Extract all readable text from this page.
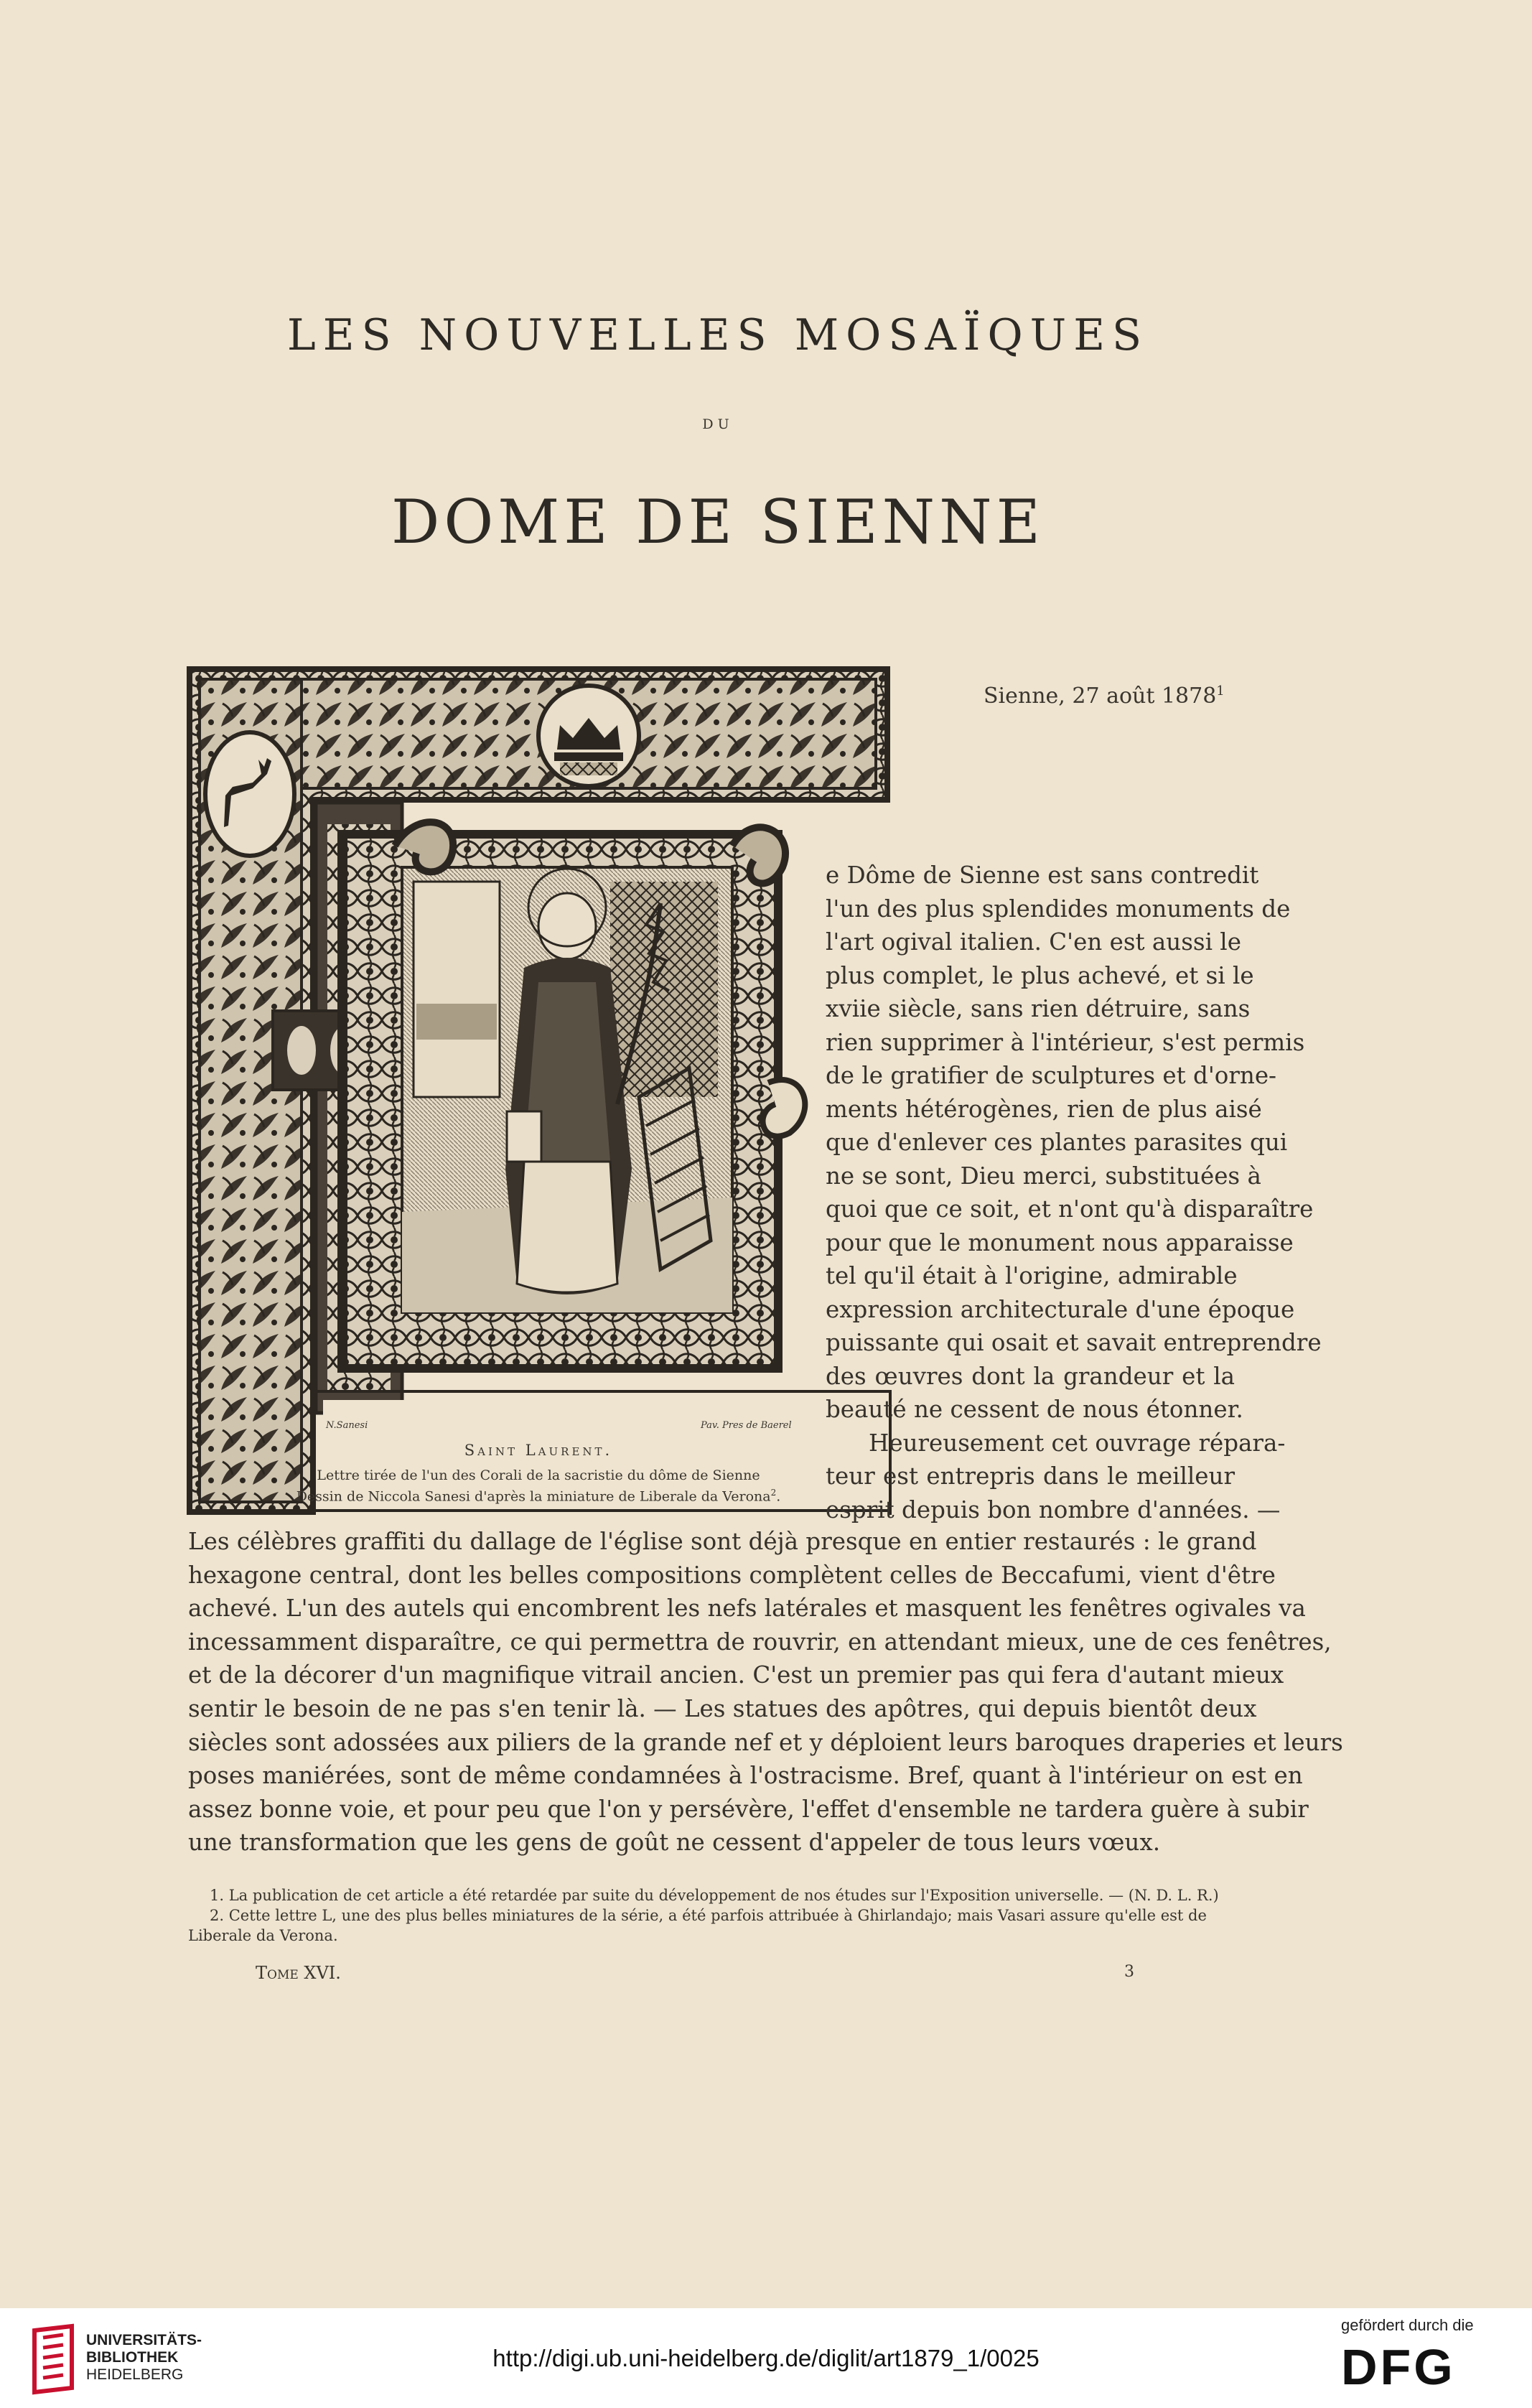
LES NOUVELLES MOSAÏQUES
DU
DOME DE SIENNE
Sienne, 27 août 1878$^1$
N.Sanesi	Pav. Pres de Baerel
Saint Laurent.
Lettre tirée de l'un des Corali de la sacristie du dôme de Sienne
Dessin de Niccola Sanesi d'après la miniature de Liberale da Verona$^2$.
e Dôme de Sienne est sans contredit
l'un des plus splendides monuments de
l'art ogival italien. C'en est aussi le
plus complet, le plus achevé, et si le
xviie siècle, sans rien détruire, sans
rien supprimer à l'intérieur, s'est permis
de le gratifier de sculptures et d'orne-
ments hétérogènes, rien de plus aisé
que d'enlever ces plantes parasites qui
ne se sont, Dieu merci, substituées à
quoi que ce soit, et n'ont qu'à disparaître
pour que le monument nous apparaisse
tel qu'il était à l'origine, admirable
expression architecturale d'une époque
puissante qui osait et savait entreprendre
des œuvres dont la grandeur et la
beauté ne cessent de nous étonner.
Heureusement cet ouvrage répara-
teur est entrepris dans le meilleur
esprit depuis bon nombre d'années. —
Les célèbres graffiti du dallage de l'église sont déjà presque en entier restaurés : le grand
hexagone central, dont les belles compositions complètent celles de Beccafumi, vient d'être
achevé. L'un des autels qui encombrent les nefs latérales et masquent les fenêtres ogivales va
incessamment disparaître, ce qui permettra de rouvrir, en attendant mieux, une de ces fenêtres,
et de la décorer d'un magnifique vitrail ancien. C'est un premier pas qui fera d'autant mieux
sentir le besoin de ne pas s'en tenir là. — Les statues des apôtres, qui depuis bientôt deux
siècles sont adossées aux piliers de la grande nef et y déploient leurs baroques draperies et leurs
poses maniérées, sont de même condamnées à l'ostracisme. Bref, quant à l'intérieur on est en
assez bonne voie, et pour peu que l'on y persévère, l'effet d'ensemble ne tardera guère à subir
une transformation que les gens de goût ne cessent d'appeler de tous leurs vœux.
1. La publication de cet article a été retardée par suite du développement de nos études sur l'Exposition universelle. — (N. D. L. R.)
2. Cette lettre L, une des plus belles miniatures de la série, a été parfois attribuée à Ghirlandajo; mais Vasari assure qu'elle est de
Liberale da Verona.
Tome XVI.	3
UNIVERSITÄTS-
BIBLIOTHEK
HEIDELBERG
http://digi.ub.uni-heidelberg.de/diglit/art1879_1/0025
gefördert durch die
DFG
